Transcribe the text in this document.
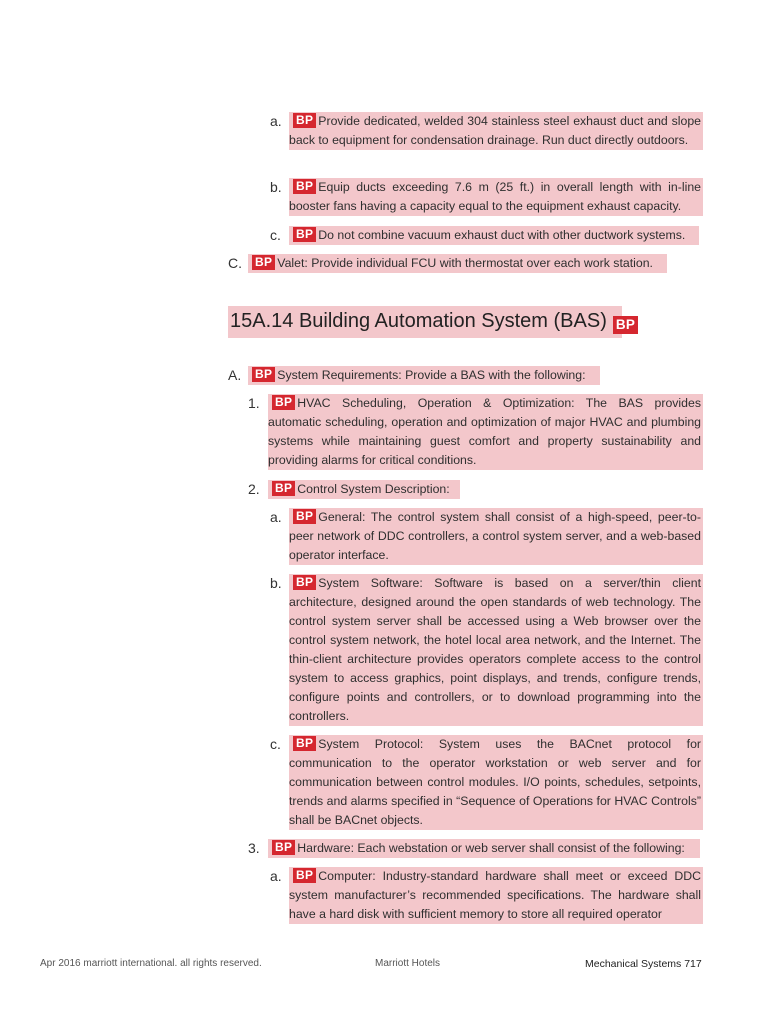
a.	BP Provide dedicated, welded 304 stainless steel exhaust duct and slope back to equipment for condensation drainage. Run duct directly outdoors.
b.	BP Equip ducts exceeding 7.6 m (25 ft.) in overall length with in-line booster fans having a capacity equal to the equipment exhaust capacity.
c.	BP Do not combine vacuum exhaust duct with other ductwork systems.
C.	BP Valet: Provide individual FCU with thermostat over each work station.
15A.14 Building Automation System (BAS) BP
A.	BP System Requirements: Provide a BAS with the following:
1.	BP HVAC Scheduling, Operation & Optimization: The BAS provides automatic scheduling, operation and optimization of major HVAC and plumbing systems while maintaining guest comfort and property sustainability and providing alarms for critical conditions.
2.	BP Control System Description:
a.	BP General: The control system shall consist of a high-speed, peer-to-peer network of DDC controllers, a control system server, and a web-based operator interface.
b.	BP System Software: Software is based on a server/thin client architecture, designed around the open standards of web technology. The control system server shall be accessed using a Web browser over the control system network, the hotel local area network, and the Internet. The thin-client architecture provides operators complete access to the control system to access graphics, point displays, and trends, configure trends, configure points and controllers, or to download programming into the controllers.
c.	BP System Protocol: System uses the BACnet protocol for communication to the operator workstation or web server and for communication between control modules. I/O points, schedules, setpoints, trends and alarms specified in “Sequence of Operations for HVAC Controls” shall be BACnet objects.
3.	BP Hardware: Each webstation or web server shall consist of the following:
a.	BP Computer: Industry-standard hardware shall meet or exceed DDC system manufacturer’s recommended specifications. The hardware shall have a hard disk with sufficient memory to store all required operator
Apr 2016 marriott international. all rights reserved.	Marriott Hotels	Mechanical Systems 717
